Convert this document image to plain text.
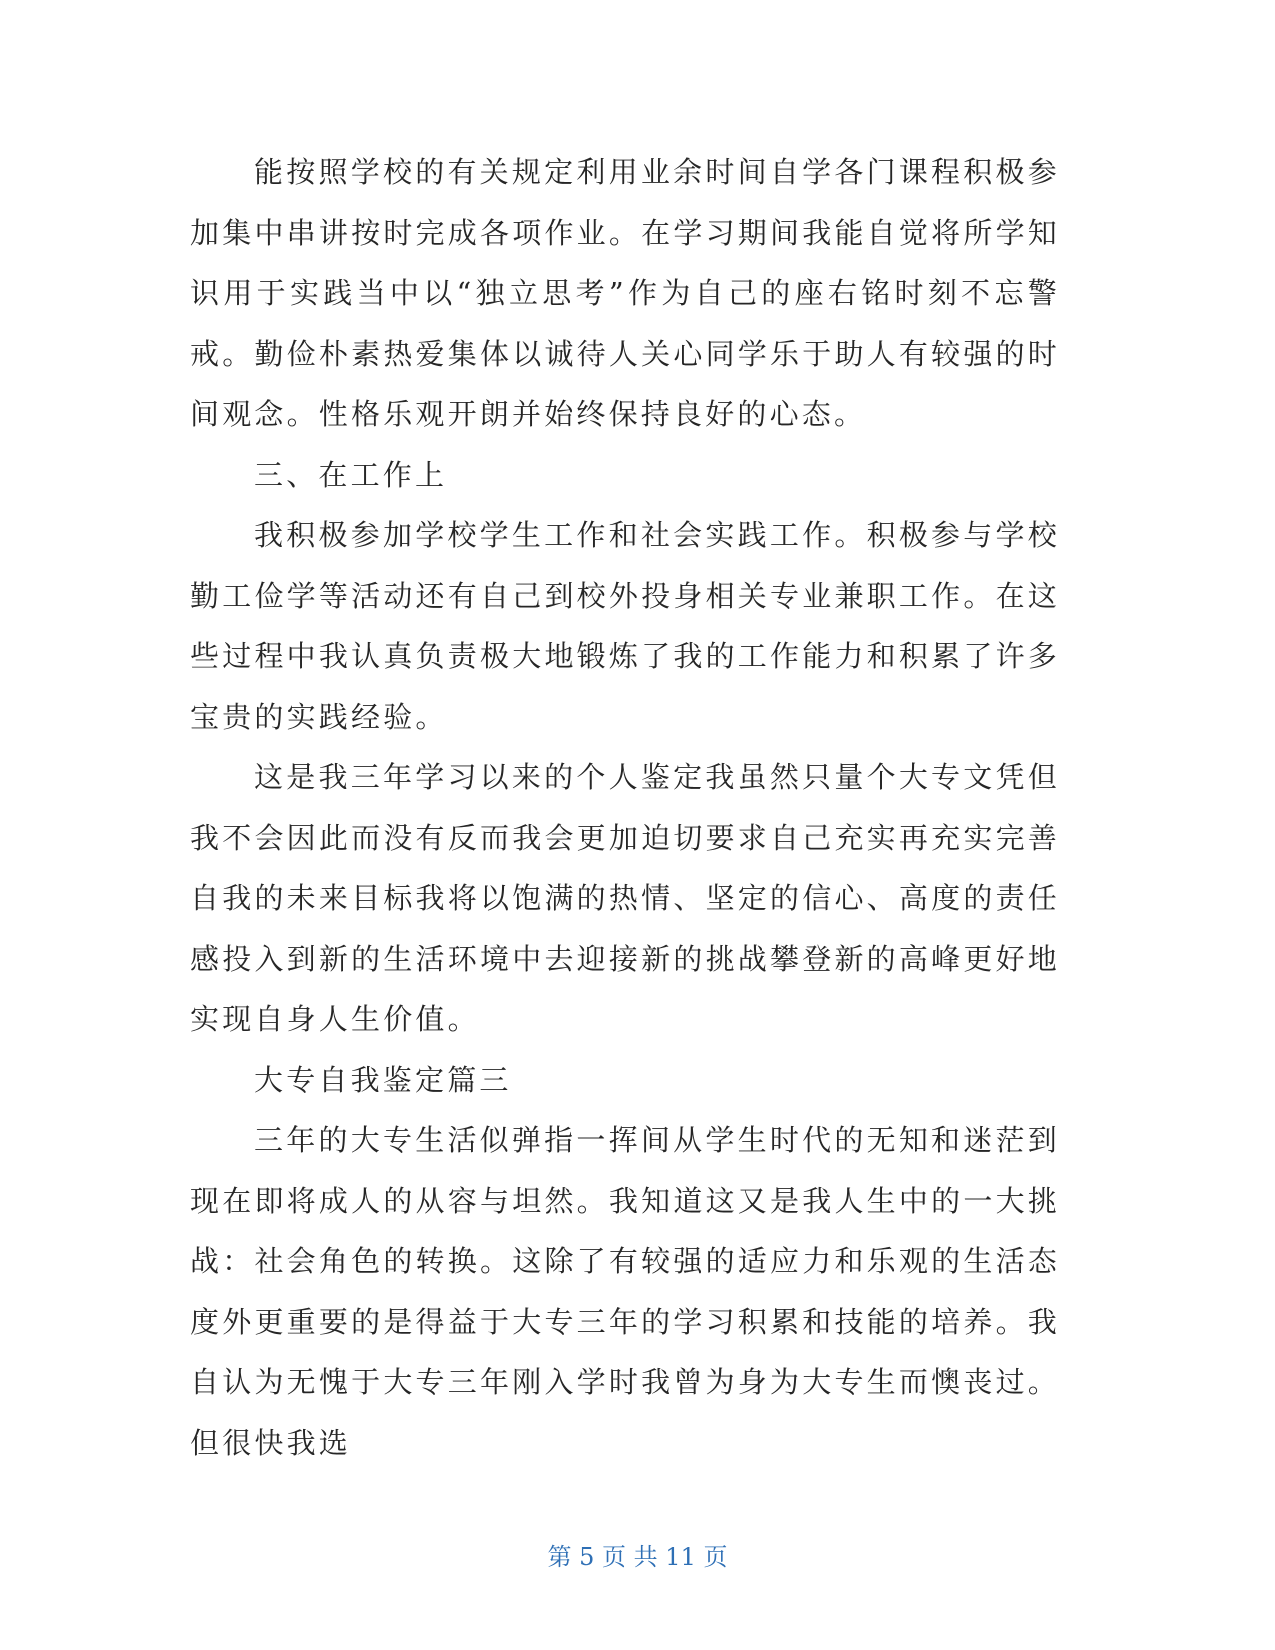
能按照学校的有关规定利用业余时间自学各门课程积极参加集中串讲按时完成各项作业。在学习期间我能自觉将所学知识用于实践当中以“独立思考”作为自己的座右铭时刻不忘警戒。勤俭朴素热爱集体以诚待人关心同学乐于助人有较强的时间观念。性格乐观开朗并始终保持良好的心态。

三、在工作上

我积极参加学校学生工作和社会实践工作。积极参与学校勤工俭学等活动还有自己到校外投身相关专业兼职工作。在这些过程中我认真负责极大地锻炼了我的工作能力和积累了许多宝贵的实践经验。

这是我三年学习以来的个人鉴定我虽然只量个大专文凭但我不会因此而没有反而我会更加迫切要求自己充实再充实完善自我的未来目标我将以饱满的热情、坚定的信心、高度的责任感投入到新的生活环境中去迎接新的挑战攀登新的高峰更好地实现自身人生价值。

大专自我鉴定篇三

三年的大专生活似弹指一挥间从学生时代的无知和迷茫到现在即将成人的从容与坦然。我知道这又是我人生中的一大挑战：社会角色的转换。这除了有较强的适应力和乐观的生活态度外更重要的是得益于大专三年的学习积累和技能的培养。我自认为无愧于大专三年刚入学时我曾为身为大专生而懊丧过。但很快我选

第 5 页 共 11 页
